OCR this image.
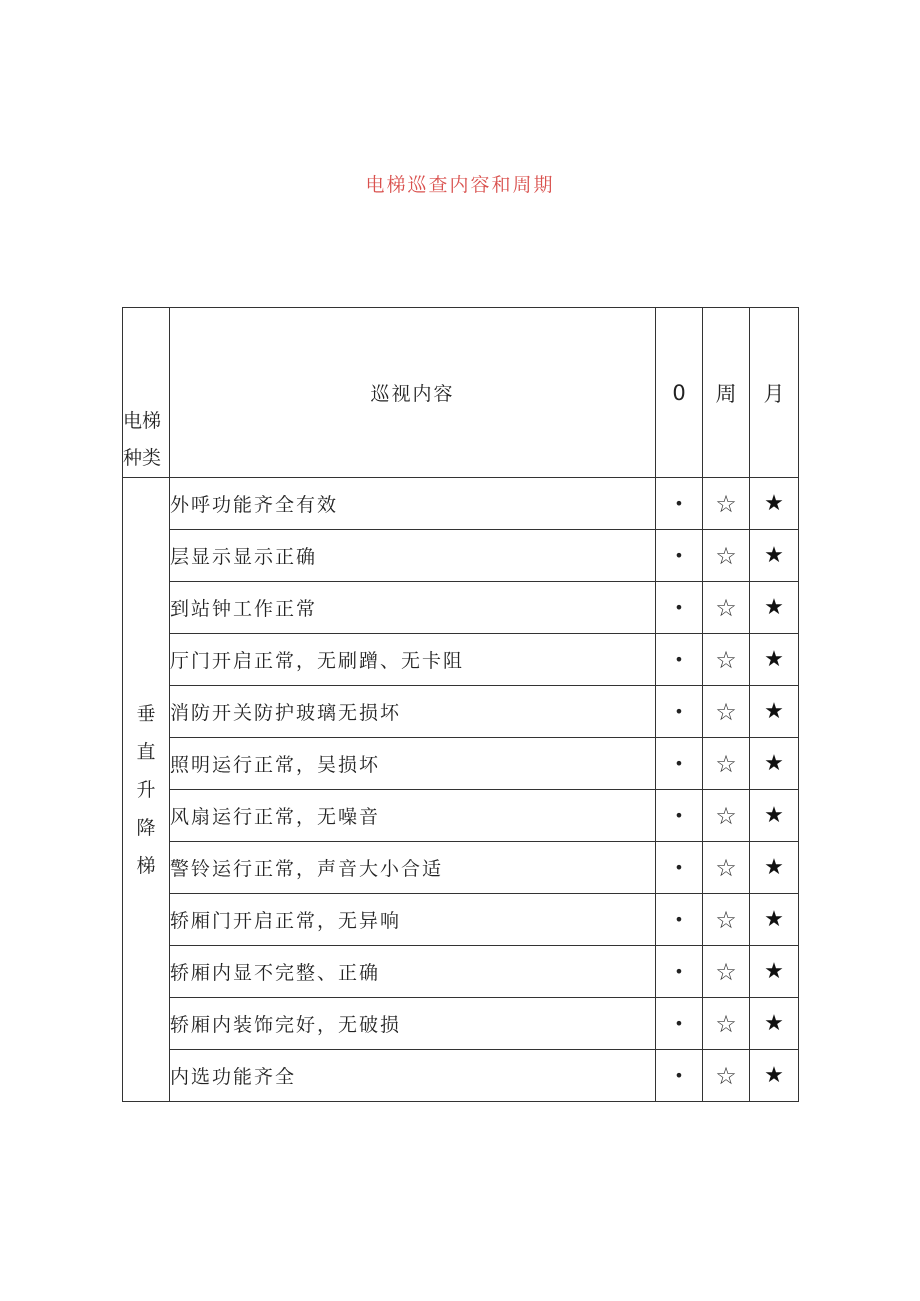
电梯巡查内容和周期
电梯种类	巡视内容	0	周	月
垂直升降梯	外呼功能齐全有效	•	☆	★
	层显示显示正确	•	☆	★
	到站钟工作正常	•	☆	★
	厅门开启正常，无刷蹭、无卡阻	•	☆	★
	消防开关防护玻璃无损坏	•	☆	★
	照明运行正常，吴损坏	•	☆	★
	风扇运行正常，无噪音	•	☆	★
	警铃运行正常，声音大小合适	•	☆	★
	轿厢门开启正常，无异响	•	☆	★
	轿厢内显不完整、正确	•	☆	★
	轿厢内装饰完好，无破损	•	☆	★
	内选功能齐全	•	☆	★
